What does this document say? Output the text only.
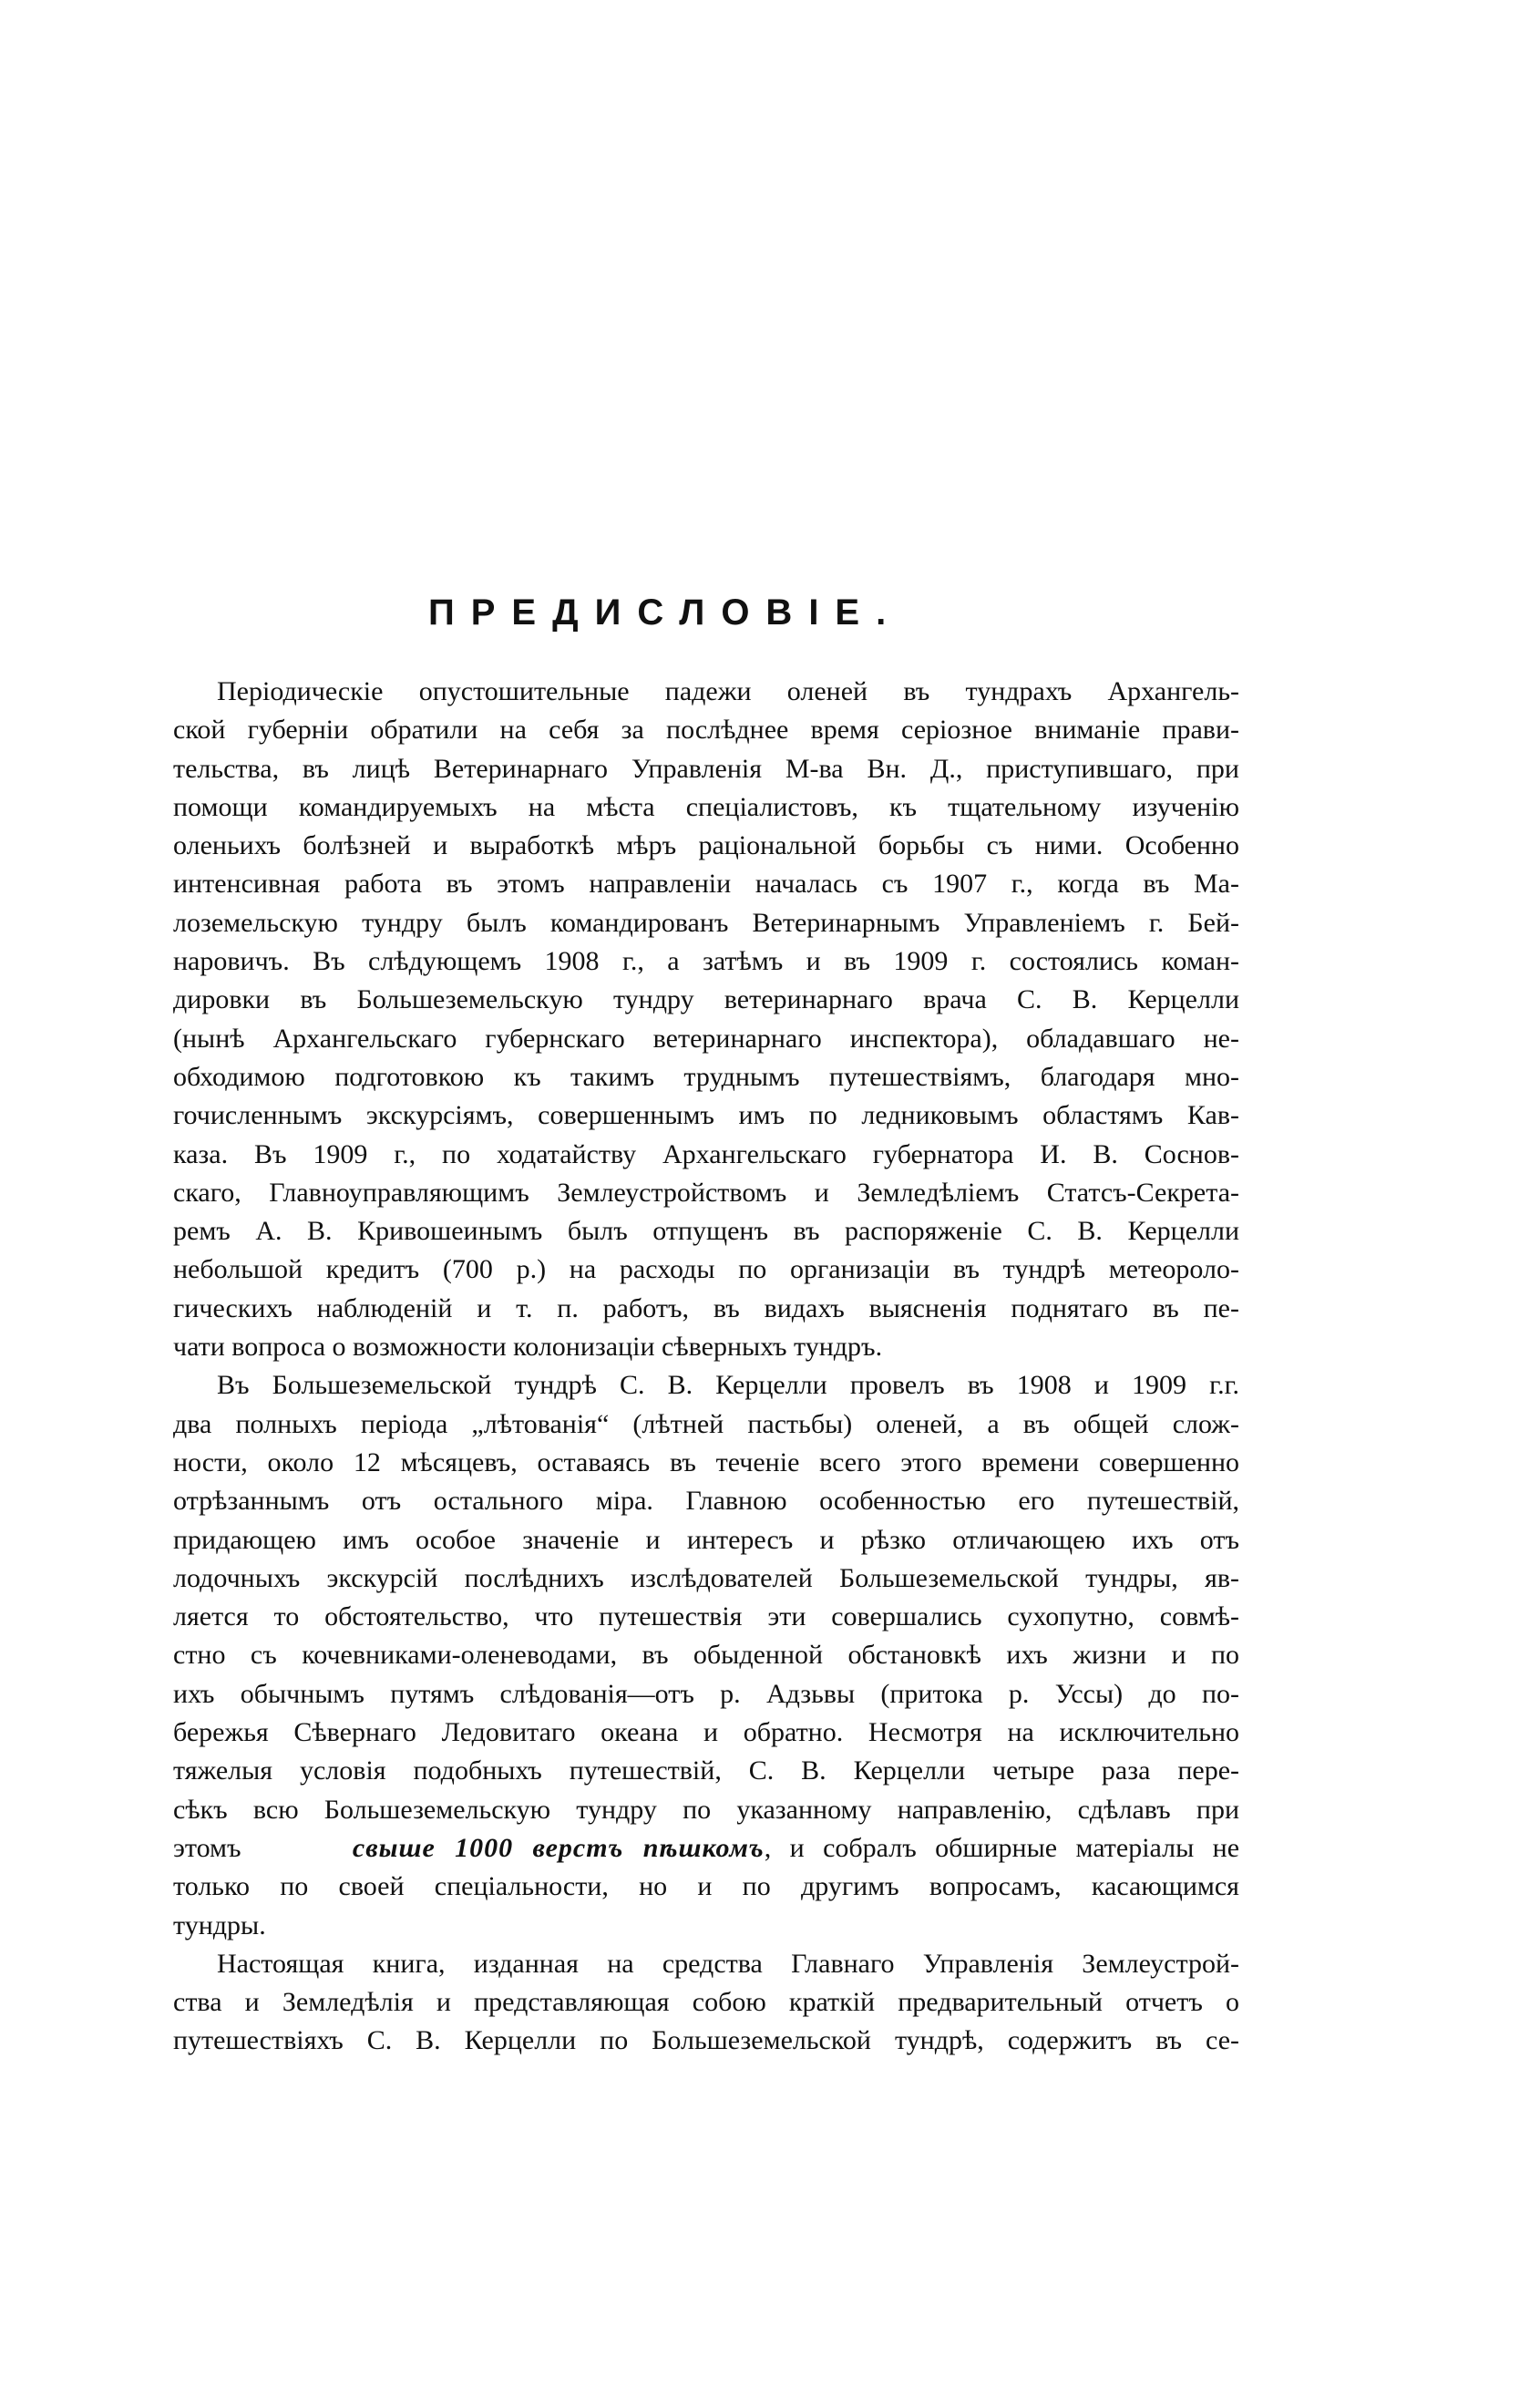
ПРЕДИСЛОВІЕ.
Періодическіе опустошительные падежи оленей въ тундрахъ Архангель-
ской губерніи обратили на себя за послѣднее время серіозное вниманіе прави-
тельства, въ лицѣ Ветеринарнаго Управленія М-ва Вн. Д., приступившаго, при
помощи командируемыхъ на мѣста спеціалистовъ, къ тщательному изученію
оленьихъ болѣзней и выработкѣ мѣръ раціональной борьбы съ ними. Особенно
интенсивная работа въ этомъ направленіи началась съ 1907 г., когда въ Ма-
лоземельскую тундру былъ командированъ Ветеринарнымъ Управленіемъ г. Бей-
наровичъ. Въ слѣдующемъ 1908 г., а затѣмъ и въ 1909 г. состоялись коман-
дировки въ Большеземельскую тундру ветеринарнаго врача С. В. Керцелли
(нынѣ Архангельскаго губернскаго ветеринарнаго инспектора), обладавшаго не-
обходимою подготовкою къ такимъ труднымъ путешествіямъ, благодаря мно-
гочисленнымъ экскурсіямъ, совершеннымъ имъ по ледниковымъ областямъ Кав-
каза. Въ 1909 г., по ходатайству Архангельскаго губернатора И. В. Соснов-
скаго, Главноуправляющимъ Землеустройствомъ и Земледѣліемъ Статсъ-Секрета-
ремъ А. В. Кривошеинымъ былъ отпущенъ въ распоряженіе С. В. Керцелли
небольшой кредитъ (700 р.) на расходы по организаціи въ тундрѣ метеороло-
гическихъ наблюденій и т. п. работъ, въ видахъ выясненія поднятаго въ пе-
чати вопроса о возможности колонизаціи сѣверныхъ тундръ.
Въ Большеземельской тундрѣ С. В. Керцелли провелъ въ 1908 и 1909 г.г.
два полныхъ періода „лѣтованія“ (лѣтней пастьбы) оленей, а въ общей слож-
ности, около 12 мѣсяцевъ, оставаясь въ теченіе всего этого времени совершенно
отрѣзаннымъ отъ остального міра. Главною особенностью его путешествій,
придающею имъ особое значеніе и интересъ и рѣзко отличающею ихъ отъ
лодочныхъ экскурсій послѣднихъ изслѣдователей Большеземельской тундры, яв-
ляется то обстоятельство, что путешествія эти совершались сухопутно, совмѣ-
стно съ кочевниками-оленеводами, въ обыденной обстановкѣ ихъ жизни и по
ихъ обычнымъ путямъ слѣдованія—отъ р. Адзьвы (притока р. Уссы) до по-
бережья Сѣвернаго Ледовитаго океана и обратно. Несмотря на исключительно
тяжелыя условія подобныхъ путешествій, С. В. Керцелли четыре раза пере-
сѣкъ всю Большеземельскую тундру по указанному направленію, сдѣлавъ при
этомъ	свыше 1000 верстъ пѣшкомъ, и собралъ обширные матеріалы не
только по своей спеціальности, но и по другимъ вопросамъ, касающимся
тундры.
Настоящая книга, изданная на средства Главнаго Управленія Землеустрой-
ства и Земледѣлія и представляющая собою краткій предварительный отчетъ о
путешествіяхъ С. В. Керцелли по Большеземельской тундрѣ, содержитъ въ се-
